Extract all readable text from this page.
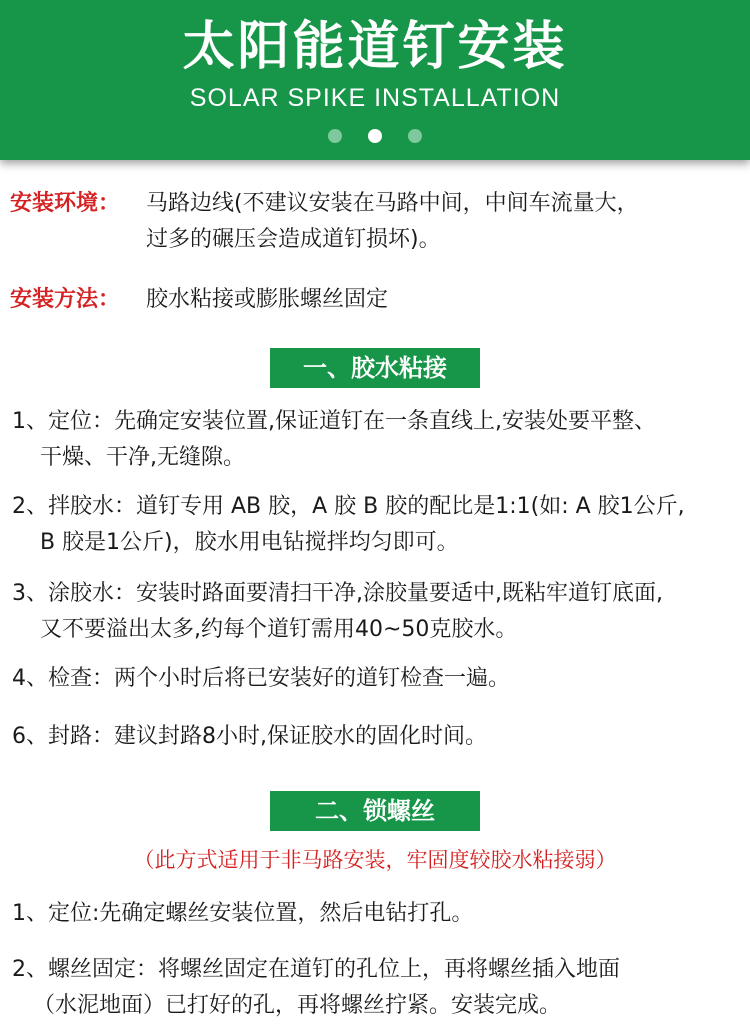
太阳能道钉安装
SOLAR SPIKE INSTALLATION
安装环境： 马路边线(不建议安装在马路中间，中间车流量大，
过多的碾压会造成道钉损坏)。
安装方法： 胶水粘接或膨胀螺丝固定
一、胶水粘接
1、定位：先确定安装位置,保证道钉在一条直线上,安装处要平整、
干燥、干净,无缝隙。
2、拌胶水：道钉专用 AB 胶，A 胶 B 胶的配比是1:1(如: A 胶1公斤,
B 胶是1公斤)，胶水用电钻搅拌均匀即可。
3、涂胶水：安装时路面要清扫干净,涂胶量要适中,既粘牢道钉底面,
又不要溢出太多,约每个道钉需用40~50克胶水。
4、检查：两个小时后将已安装好的道钉检查一遍。
6、封路：建议封路8小时,保证胶水的固化时间。
二、锁螺丝
（此方式适用于非马路安装，牢固度较胶水粘接弱）
1、定位:先确定螺丝安装位置，然后电钻打孔。
2、螺丝固定：将螺丝固定在道钉的孔位上，再将螺丝插入地面
（水泥地面）已打好的孔，再将螺丝拧紧。安装完成。
